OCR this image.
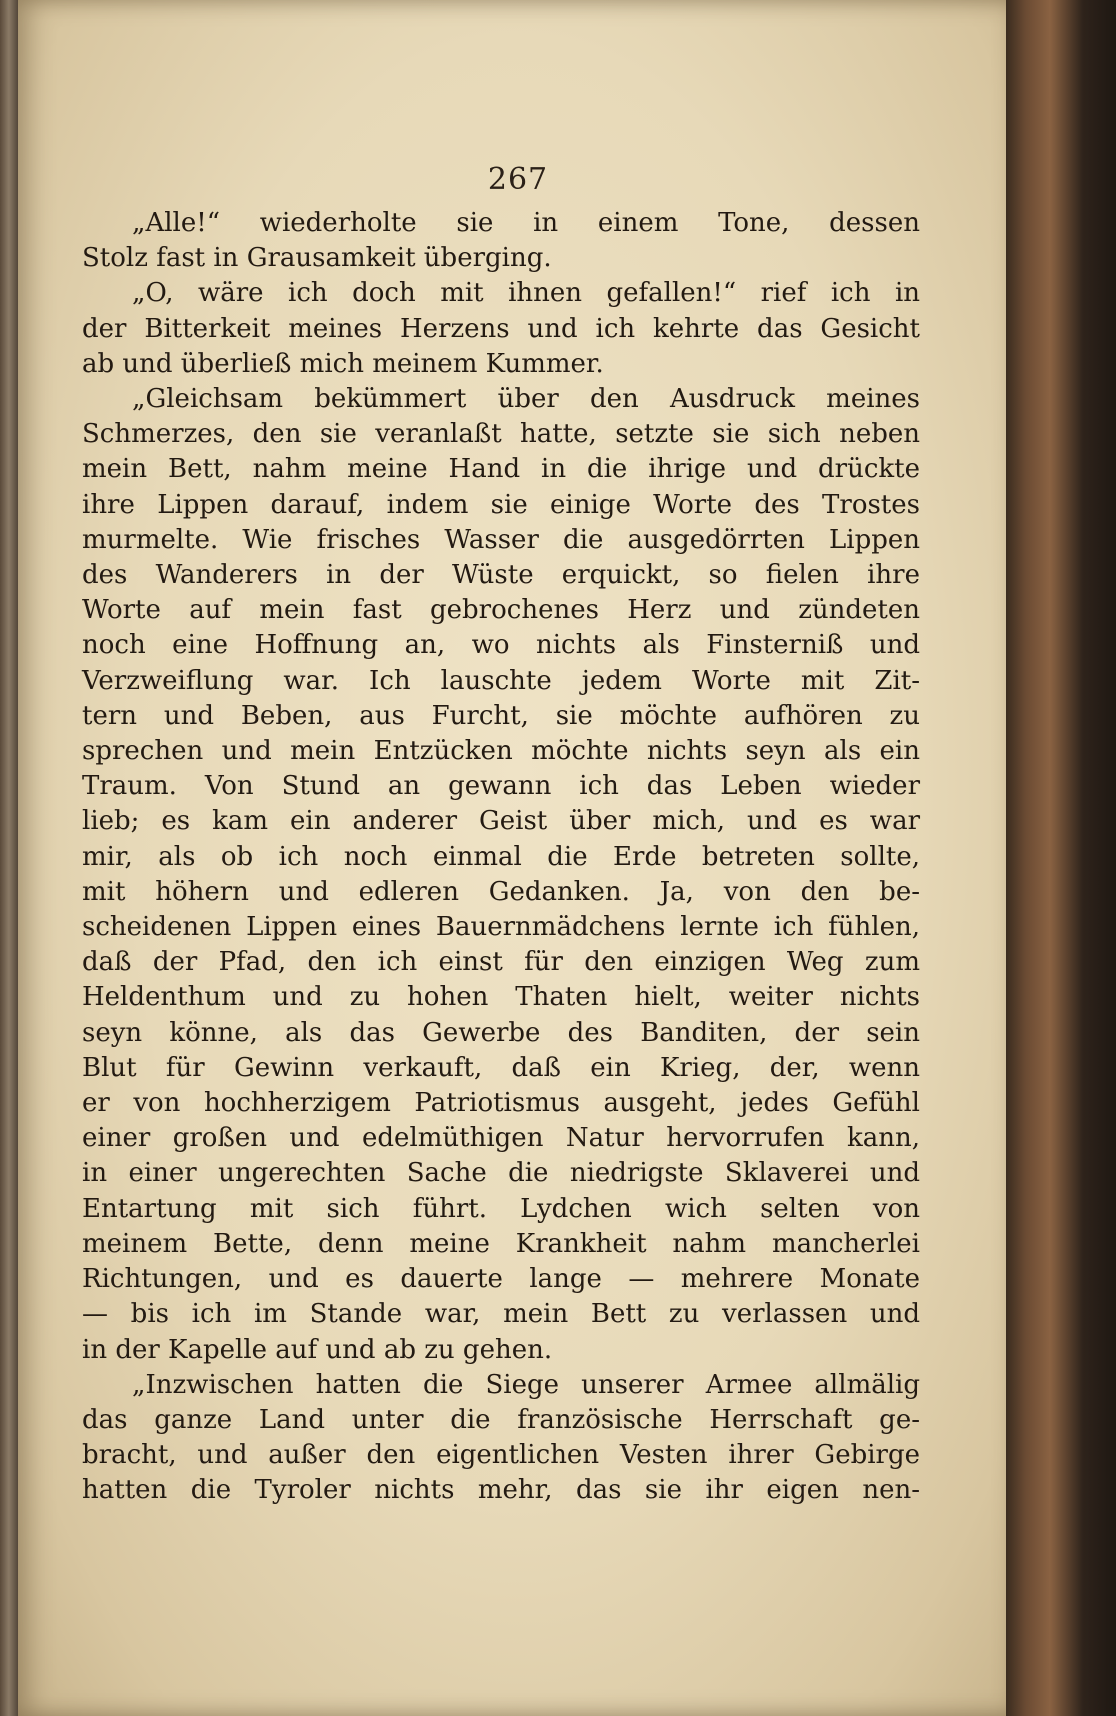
267
„Alle!“ wiederholte sie in einem Tone, dessen
Stolz fast in Grausamkeit überging.
„O, wäre ich doch mit ihnen gefallen!“ rief ich in
der Bitterkeit meines Herzens und ich kehrte das Gesicht
ab und überließ mich meinem Kummer.
„Gleichsam bekümmert über den Ausdruck meines
Schmerzes, den sie veranlaßt hatte, setzte sie sich neben
mein Bett, nahm meine Hand in die ihrige und drückte
ihre Lippen darauf, indem sie einige Worte des Trostes
murmelte. Wie frisches Wasser die ausgedörrten Lippen
des Wanderers in der Wüste erquickt, so fielen ihre
Worte auf mein fast gebrochenes Herz und zündeten
noch eine Hoffnung an, wo nichts als Finsterniß und
Verzweiflung war. Ich lauschte jedem Worte mit Zit-
tern und Beben, aus Furcht, sie möchte aufhören zu
sprechen und mein Entzücken möchte nichts seyn als ein
Traum. Von Stund an gewann ich das Leben wieder
lieb; es kam ein anderer Geist über mich, und es war
mir, als ob ich noch einmal die Erde betreten sollte,
mit höhern und edleren Gedanken. Ja, von den be-
scheidenen Lippen eines Bauernmädchens lernte ich fühlen,
daß der Pfad, den ich einst für den einzigen Weg zum
Heldenthum und zu hohen Thaten hielt, weiter nichts
seyn könne, als das Gewerbe des Banditen, der sein
Blut für Gewinn verkauft, daß ein Krieg, der, wenn
er von hochherzigem Patriotismus ausgeht, jedes Gefühl
einer großen und edelmüthigen Natur hervorrufen kann,
in einer ungerechten Sache die niedrigste Sklaverei und
Entartung mit sich führt. Lydchen wich selten von
meinem Bette, denn meine Krankheit nahm mancherlei
Richtungen, und es dauerte lange — mehrere Monate
— bis ich im Stande war, mein Bett zu verlassen und
in der Kapelle auf und ab zu gehen.
„Inzwischen hatten die Siege unserer Armee allmälig
das ganze Land unter die französische Herrschaft ge-
bracht, und außer den eigentlichen Vesten ihrer Gebirge
hatten die Tyroler nichts mehr, das sie ihr eigen nen-
